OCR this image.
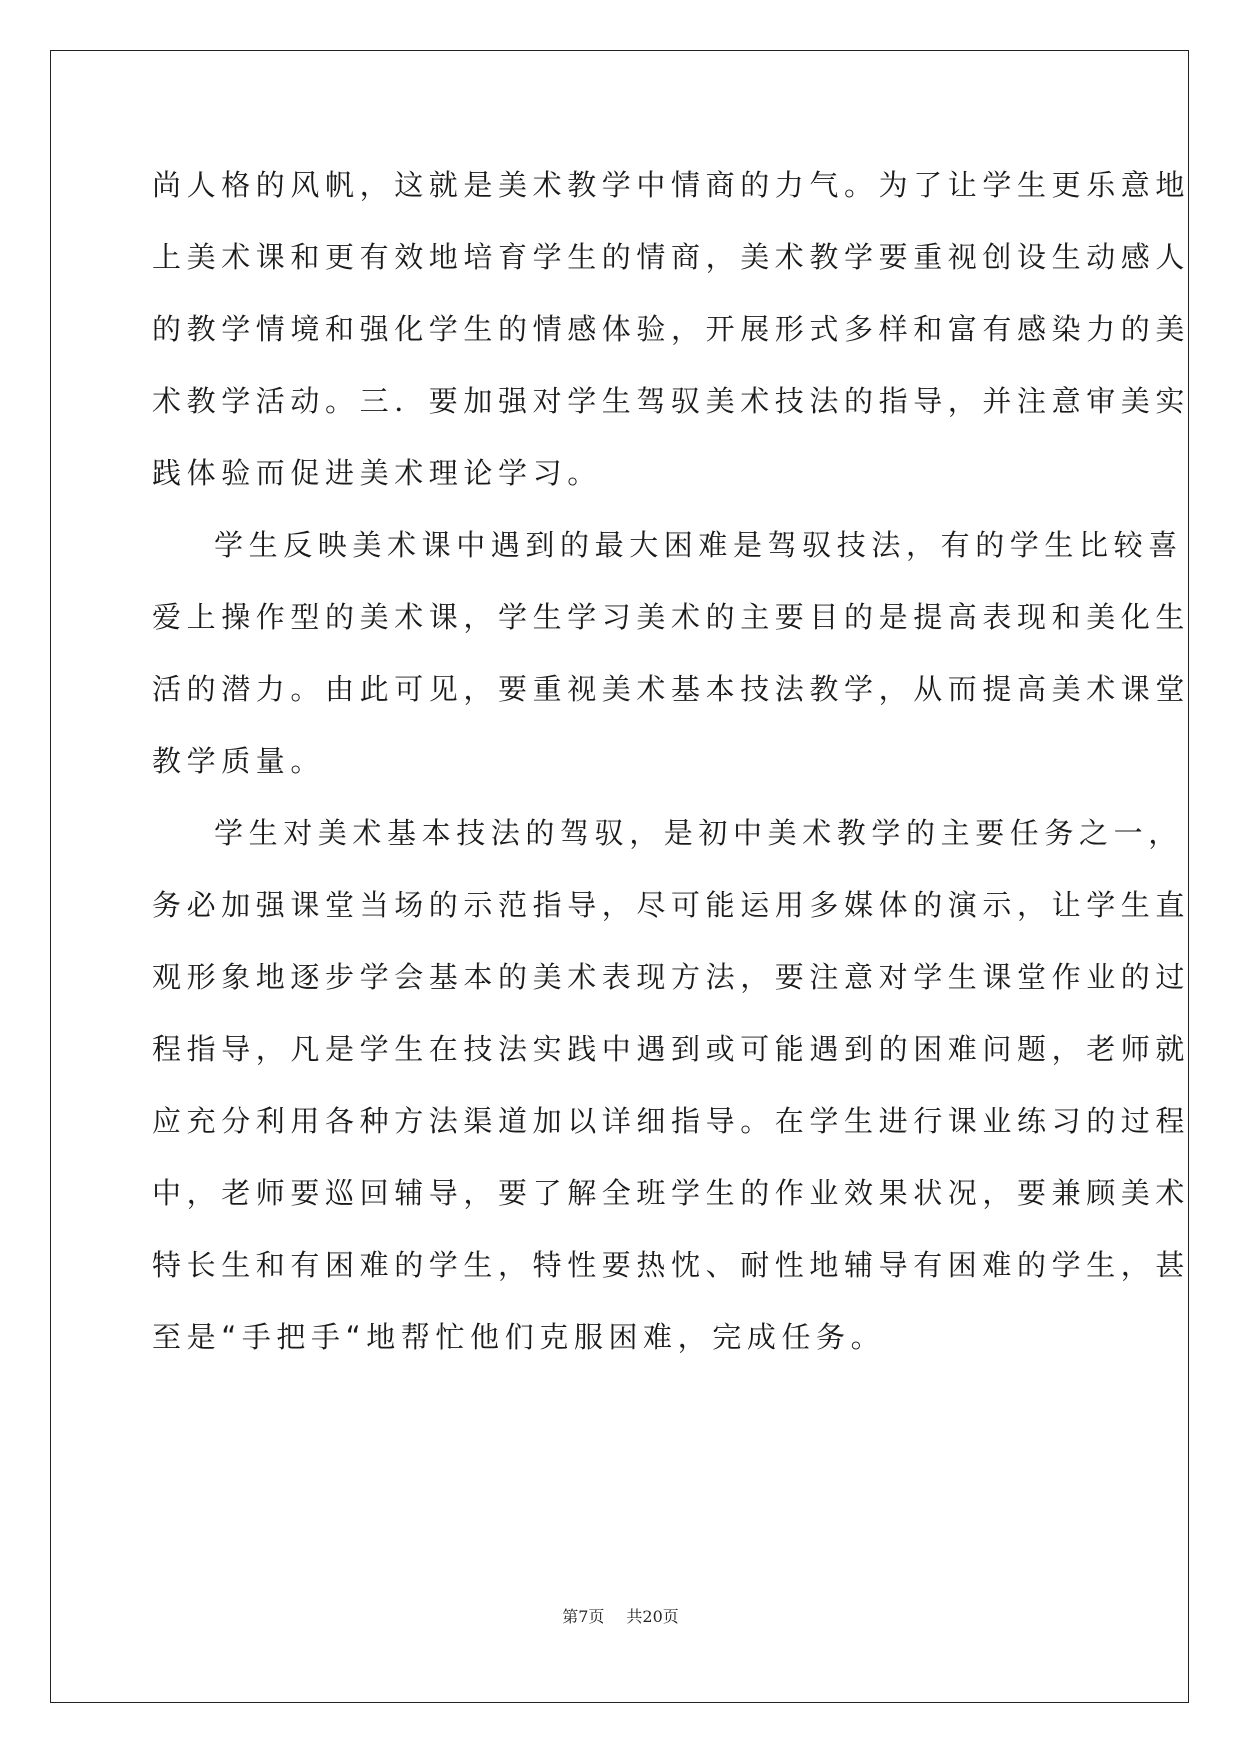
尚人格的风帆，这就是美术教学中情商的力气。为了让学生更乐意地
上美术课和更有效地培育学生的情商，美术教学要重视创设生动感人
的教学情境和强化学生的情感体验，开展形式多样和富有感染力的美
术教学活动。三．要加强对学生驾驭美术技法的指导，并注意审美实
践体验而促进美术理论学习。
学生反映美术课中遇到的最大困难是驾驭技法，有的学生比较喜
爱上操作型的美术课，学生学习美术的主要目的是提高表现和美化生
活的潜力。由此可见，要重视美术基本技法教学，从而提高美术课堂
教学质量。
学生对美术基本技法的驾驭，是初中美术教学的主要任务之一，
务必加强课堂当场的示范指导，尽可能运用多媒体的演示，让学生直
观形象地逐步学会基本的美术表现方法，要注意对学生课堂作业的过
程指导，凡是学生在技法实践中遇到或可能遇到的困难问题，老师就
应充分利用各种方法渠道加以详细指导。在学生进行课业练习的过程
中，老师要巡回辅导，要了解全班学生的作业效果状况，要兼顾美术
特长生和有困难的学生，特性要热忱、耐性地辅导有困难的学生，甚
至是“手把手“地帮忙他们克服困难，完成任务。
第7页 共20页
